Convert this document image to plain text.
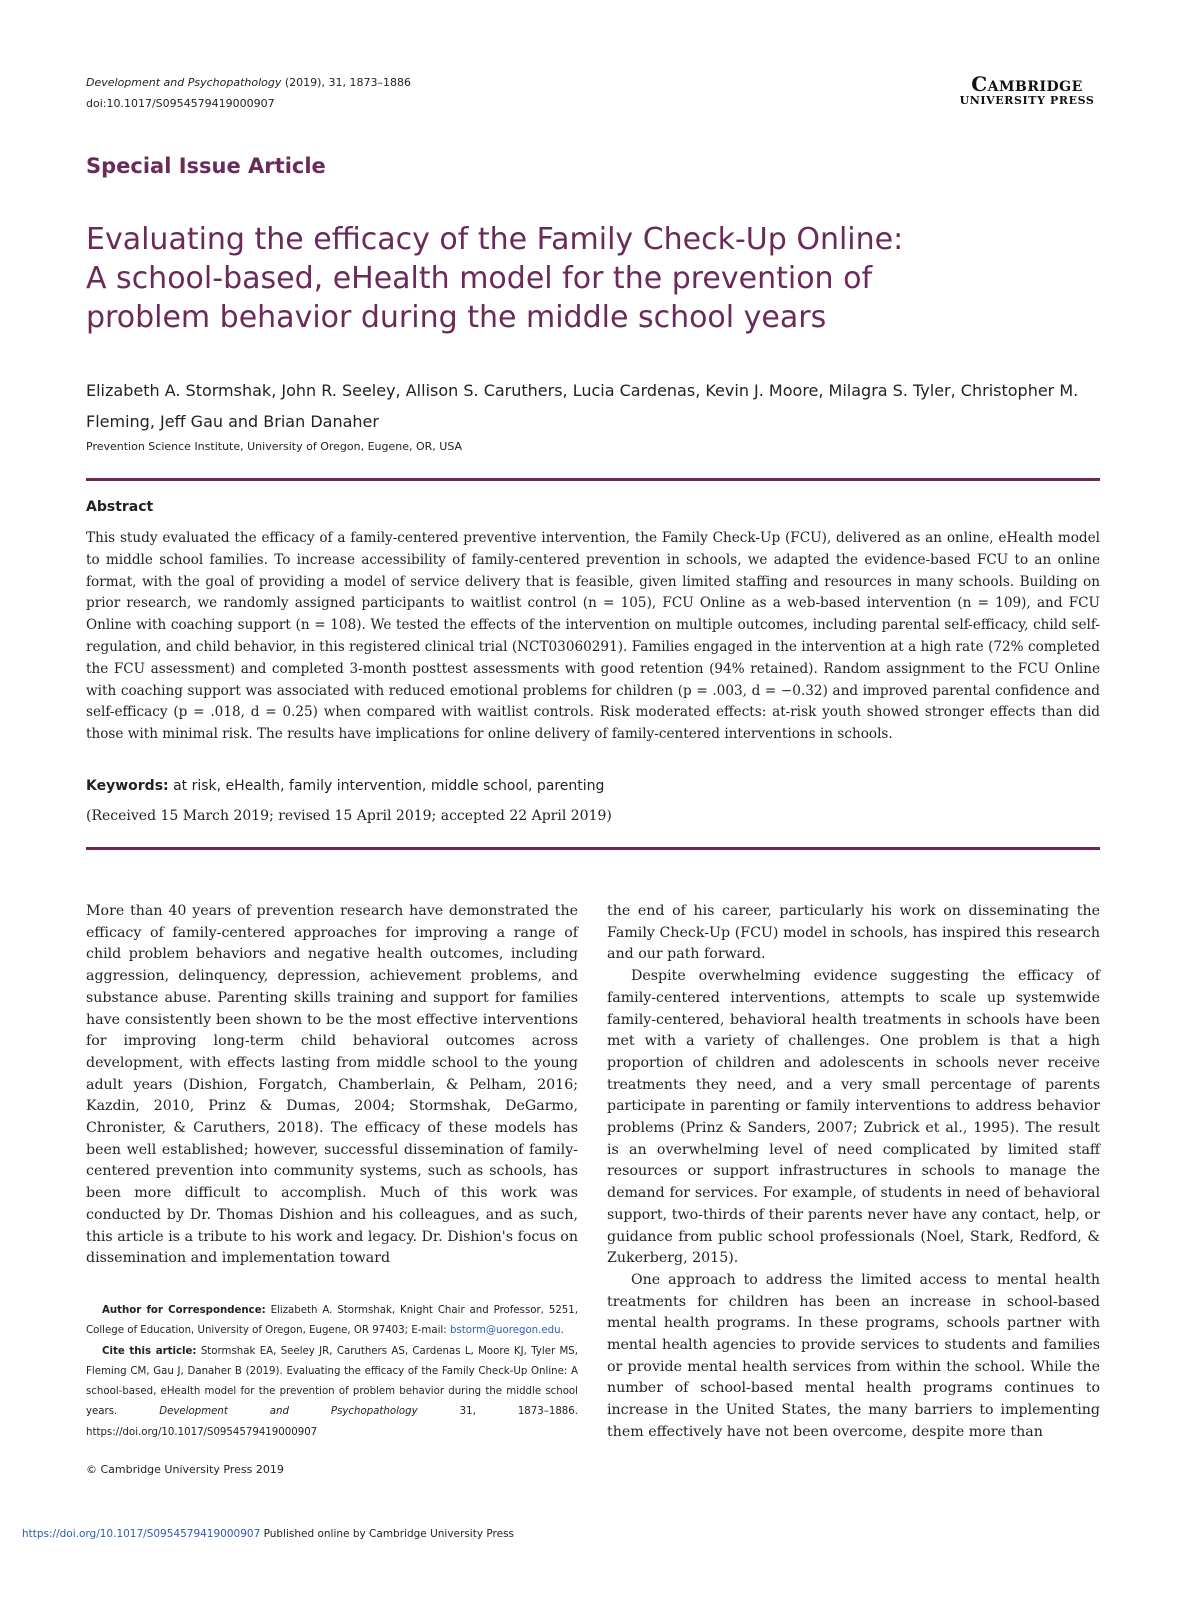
Development and Psychopathology (2019), 31, 1873–1886
doi:10.1017/S0954579419000907
Cambridge
UNIVERSITY PRESS
Special Issue Article
Evaluating the efficacy of the Family Check-Up Online:
A school-based, eHealth model for the prevention of
problem behavior during the middle school years
Elizabeth A. Stormshak, John R. Seeley, Allison S. Caruthers, Lucia Cardenas, Kevin J. Moore, Milagra S. Tyler, Christopher M. Fleming, Jeff Gau and Brian Danaher
Prevention Science Institute, University of Oregon, Eugene, OR, USA
Abstract
This study evaluated the efficacy of a family-centered preventive intervention, the Family Check-Up (FCU), delivered as an online, eHealth model to middle school families. To increase accessibility of family-centered prevention in schools, we adapted the evidence-based FCU to an online format, with the goal of providing a model of service delivery that is feasible, given limited staffing and resources in many schools. Building on prior research, we randomly assigned participants to waitlist control (n = 105), FCU Online as a web-based intervention (n = 109), and FCU Online with coaching support (n = 108). We tested the effects of the intervention on multiple outcomes, including parental self-efficacy, child self-regulation, and child behavior, in this registered clinical trial (NCT03060291). Families engaged in the intervention at a high rate (72% completed the FCU assessment) and completed 3-month posttest assessments with good retention (94% retained). Random assignment to the FCU Online with coaching support was associated with reduced emotional problems for children (p = .003, d = −0.32) and improved parental confidence and self-efficacy (p = .018, d = 0.25) when compared with waitlist controls. Risk moderated effects: at-risk youth showed stronger effects than did those with minimal risk. The results have implications for online delivery of family-centered interventions in schools.
Keywords: at risk, eHealth, family intervention, middle school, parenting
(Received 15 March 2019; revised 15 April 2019; accepted 22 April 2019)

More than 40 years of prevention research have demonstrated the efficacy of family-centered approaches for improving a range of child problem behaviors and negative health outcomes, including aggression, delinquency, depression, achievement problems, and substance abuse. Parenting skills training and support for families have consistently been shown to be the most effective interventions for improving long-term child behavioral outcomes across development, with effects lasting from middle school to the young adult years (Dishion, Forgatch, Chamberlain, & Pelham, 2016; Kazdin, 2010, Prinz & Dumas, 2004; Stormshak, DeGarmo, Chronister, & Caruthers, 2018). The efficacy of these models has been well established; however, successful dissemination of family-centered prevention into community systems, such as schools, has been more difficult to accomplish. Much of this work was conducted by Dr. Thomas Dishion and his colleagues, and as such, this article is a tribute to his work and legacy. Dr. Dishion's focus on dissemination and implementation toward

the end of his career, particularly his work on disseminating the Family Check-Up (FCU) model in schools, has inspired this research and our path forward.

Despite overwhelming evidence suggesting the efficacy of family-centered interventions, attempts to scale up systemwide family-centered, behavioral health treatments in schools have been met with a variety of challenges. One problem is that a high proportion of children and adolescents in schools never receive treatments they need, and a very small percentage of parents participate in parenting or family interventions to address behavior problems (Prinz & Sanders, 2007; Zubrick et al., 1995). The result is an overwhelming level of need complicated by limited staff resources or support infrastructures in schools to manage the demand for services. For example, of students in need of behavioral support, two-thirds of their parents never have any contact, help, or guidance from public school professionals (Noel, Stark, Redford, & Zukerberg, 2015).

One approach to address the limited access to mental health treatments for children has been an increase in school-based mental health programs. In these programs, schools partner with mental health agencies to provide services to students and families or provide mental health services from within the school. While the number of school-based mental health programs continues to increase in the United States, the many barriers to implementing them effectively have not been overcome, despite more than

Author for Correspondence: Elizabeth A. Stormshak, Knight Chair and Professor, 5251, College of Education, University of Oregon, Eugene, OR 97403; E-mail: bstorm@uoregon.edu.

Cite this article: Stormshak EA, Seeley JR, Caruthers AS, Cardenas L, Moore KJ, Tyler MS, Fleming CM, Gau J, Danaher B (2019). Evaluating the efficacy of the Family Check-Up Online: A school-based, eHealth model for the prevention of problem behavior during the middle school years. Development and Psychopathology 31, 1873–1886. https://doi.org/10.1017/S0954579419000907

© Cambridge University Press 2019
https://doi.org/10.1017/S0954579419000907 Published online by Cambridge University Press
